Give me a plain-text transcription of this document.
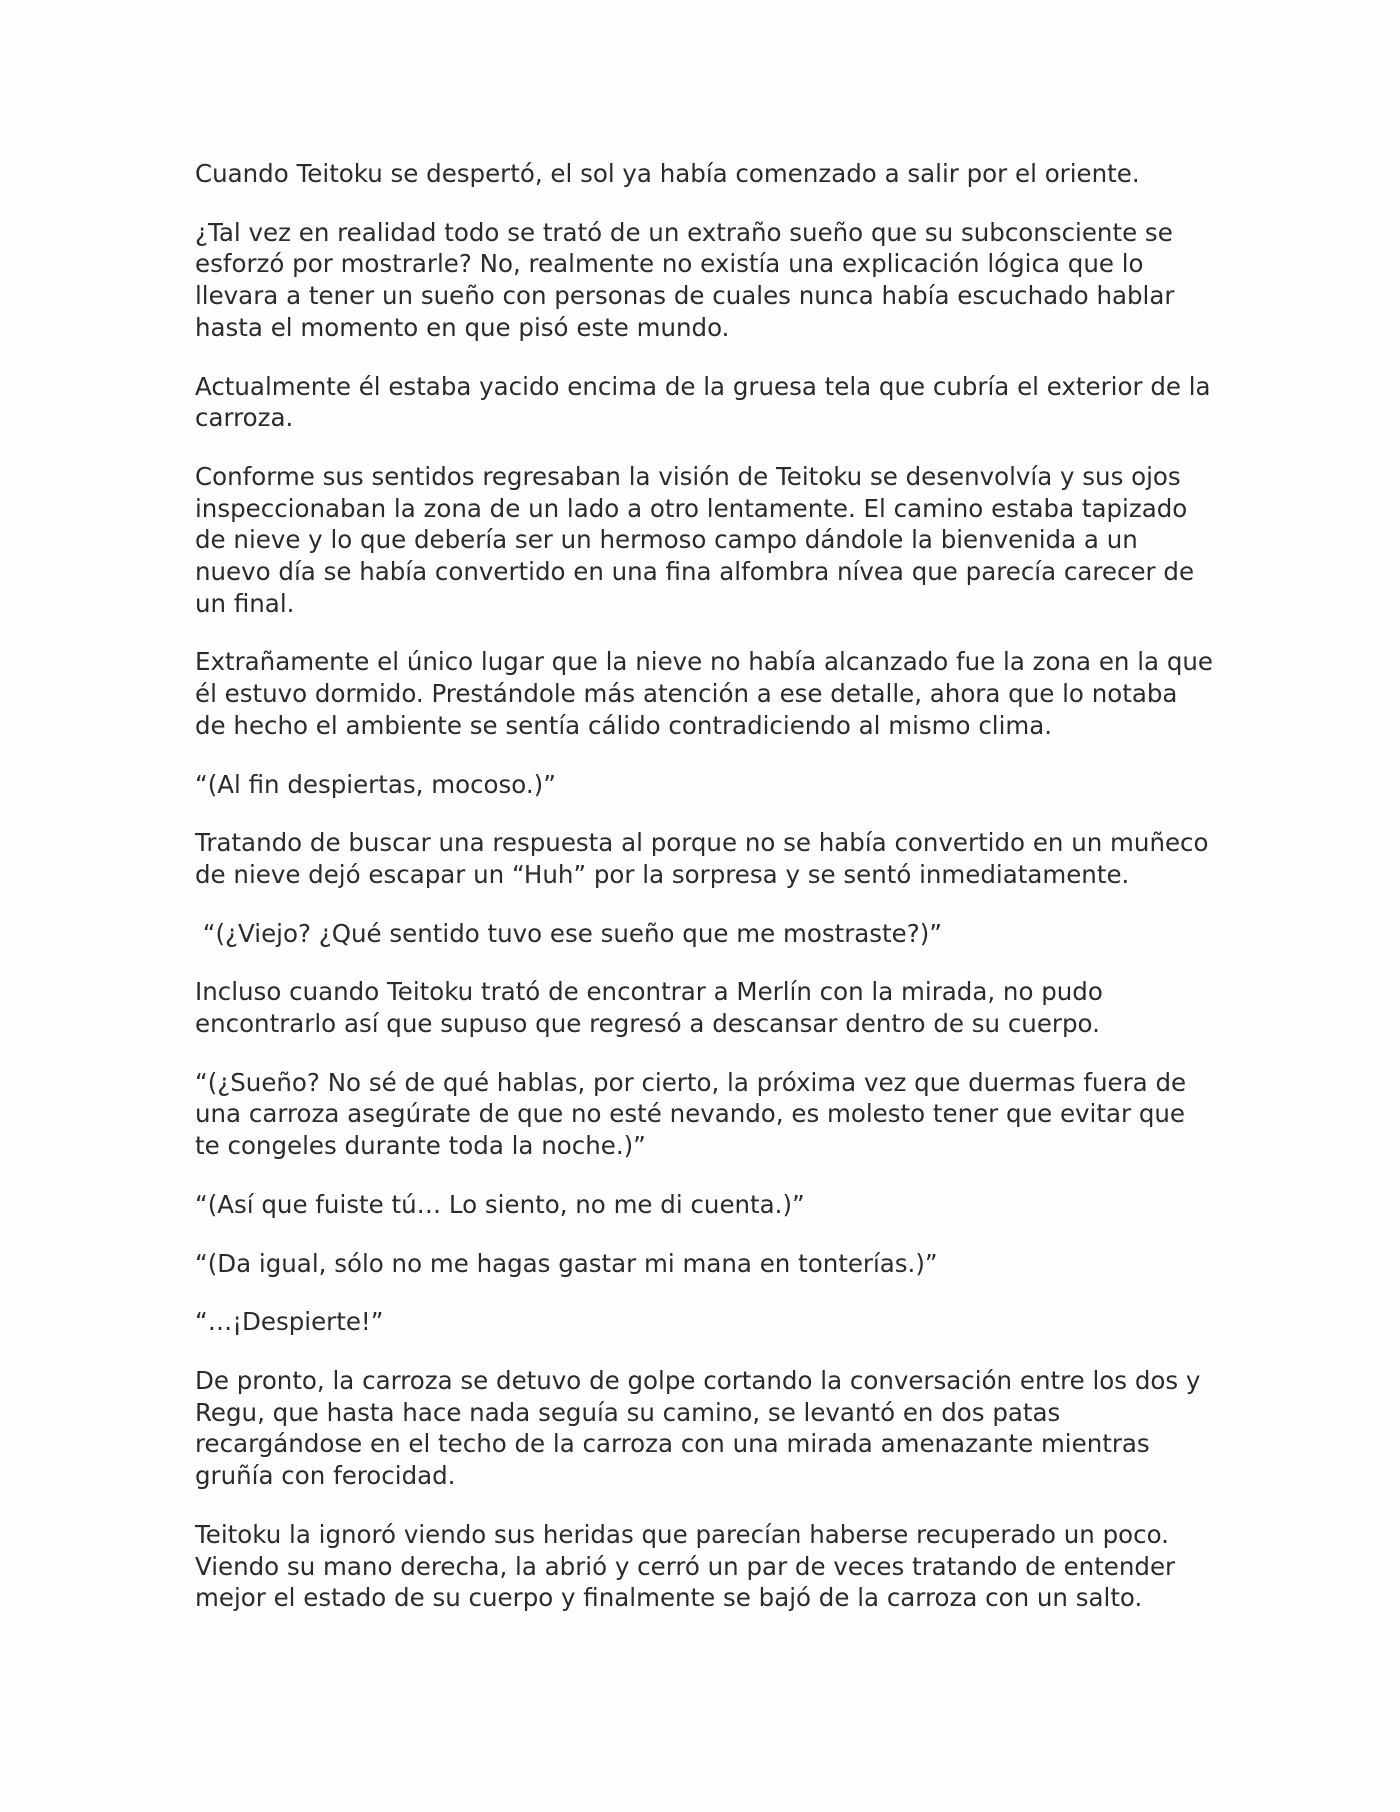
Cuando Teitoku se despertó, el sol ya había comenzado a salir por el oriente.

¿Tal vez en realidad todo se trató de un extraño sueño que su subconsciente se esforzó por mostrarle? No, realmente no existía una explicación lógica que lo llevara a tener un sueño con personas de cuales nunca había escuchado hablar hasta el momento en que pisó este mundo.

Actualmente él estaba yacido encima de la gruesa tela que cubría el exterior de la carroza.

Conforme sus sentidos regresaban la visión de Teitoku se desenvolvía y sus ojos inspeccionaban la zona de un lado a otro lentamente. El camino estaba tapizado de nieve y lo que debería ser un hermoso campo dándole la bienvenida a un nuevo día se había convertido en una fina alfombra nívea que parecía carecer de un final.

Extrañamente el único lugar que la nieve no había alcanzado fue la zona en la que él estuvo dormido. Prestándole más atención a ese detalle, ahora que lo notaba de hecho el ambiente se sentía cálido contradiciendo al mismo clima.

“(Al fin despiertas, mocoso.)”

Tratando de buscar una respuesta al porque no se había convertido en un muñeco de nieve dejó escapar un “Huh” por la sorpresa y se sentó inmediatamente.

“(¿Viejo? ¿Qué sentido tuvo ese sueño que me mostraste?)”

Incluso cuando Teitoku trató de encontrar a Merlín con la mirada, no pudo encontrarlo así que supuso que regresó a descansar dentro de su cuerpo.

“(¿Sueño? No sé de qué hablas, por cierto, la próxima vez que duermas fuera de una carroza asegúrate de que no esté nevando, es molesto tener que evitar que te congeles durante toda la noche.)”

“(Así que fuiste tú… Lo siento, no me di cuenta.)”

“(Da igual, sólo no me hagas gastar mi mana en tonterías.)”

“…¡Despierte!”

De pronto, la carroza se detuvo de golpe cortando la conversación entre los dos y Regu, que hasta hace nada seguía su camino, se levantó en dos patas recargándose en el techo de la carroza con una mirada amenazante mientras gruñía con ferocidad.

Teitoku la ignoró viendo sus heridas que parecían haberse recuperado un poco. Viendo su mano derecha, la abrió y cerró un par de veces tratando de entender mejor el estado de su cuerpo y finalmente se bajó de la carroza con un salto.
